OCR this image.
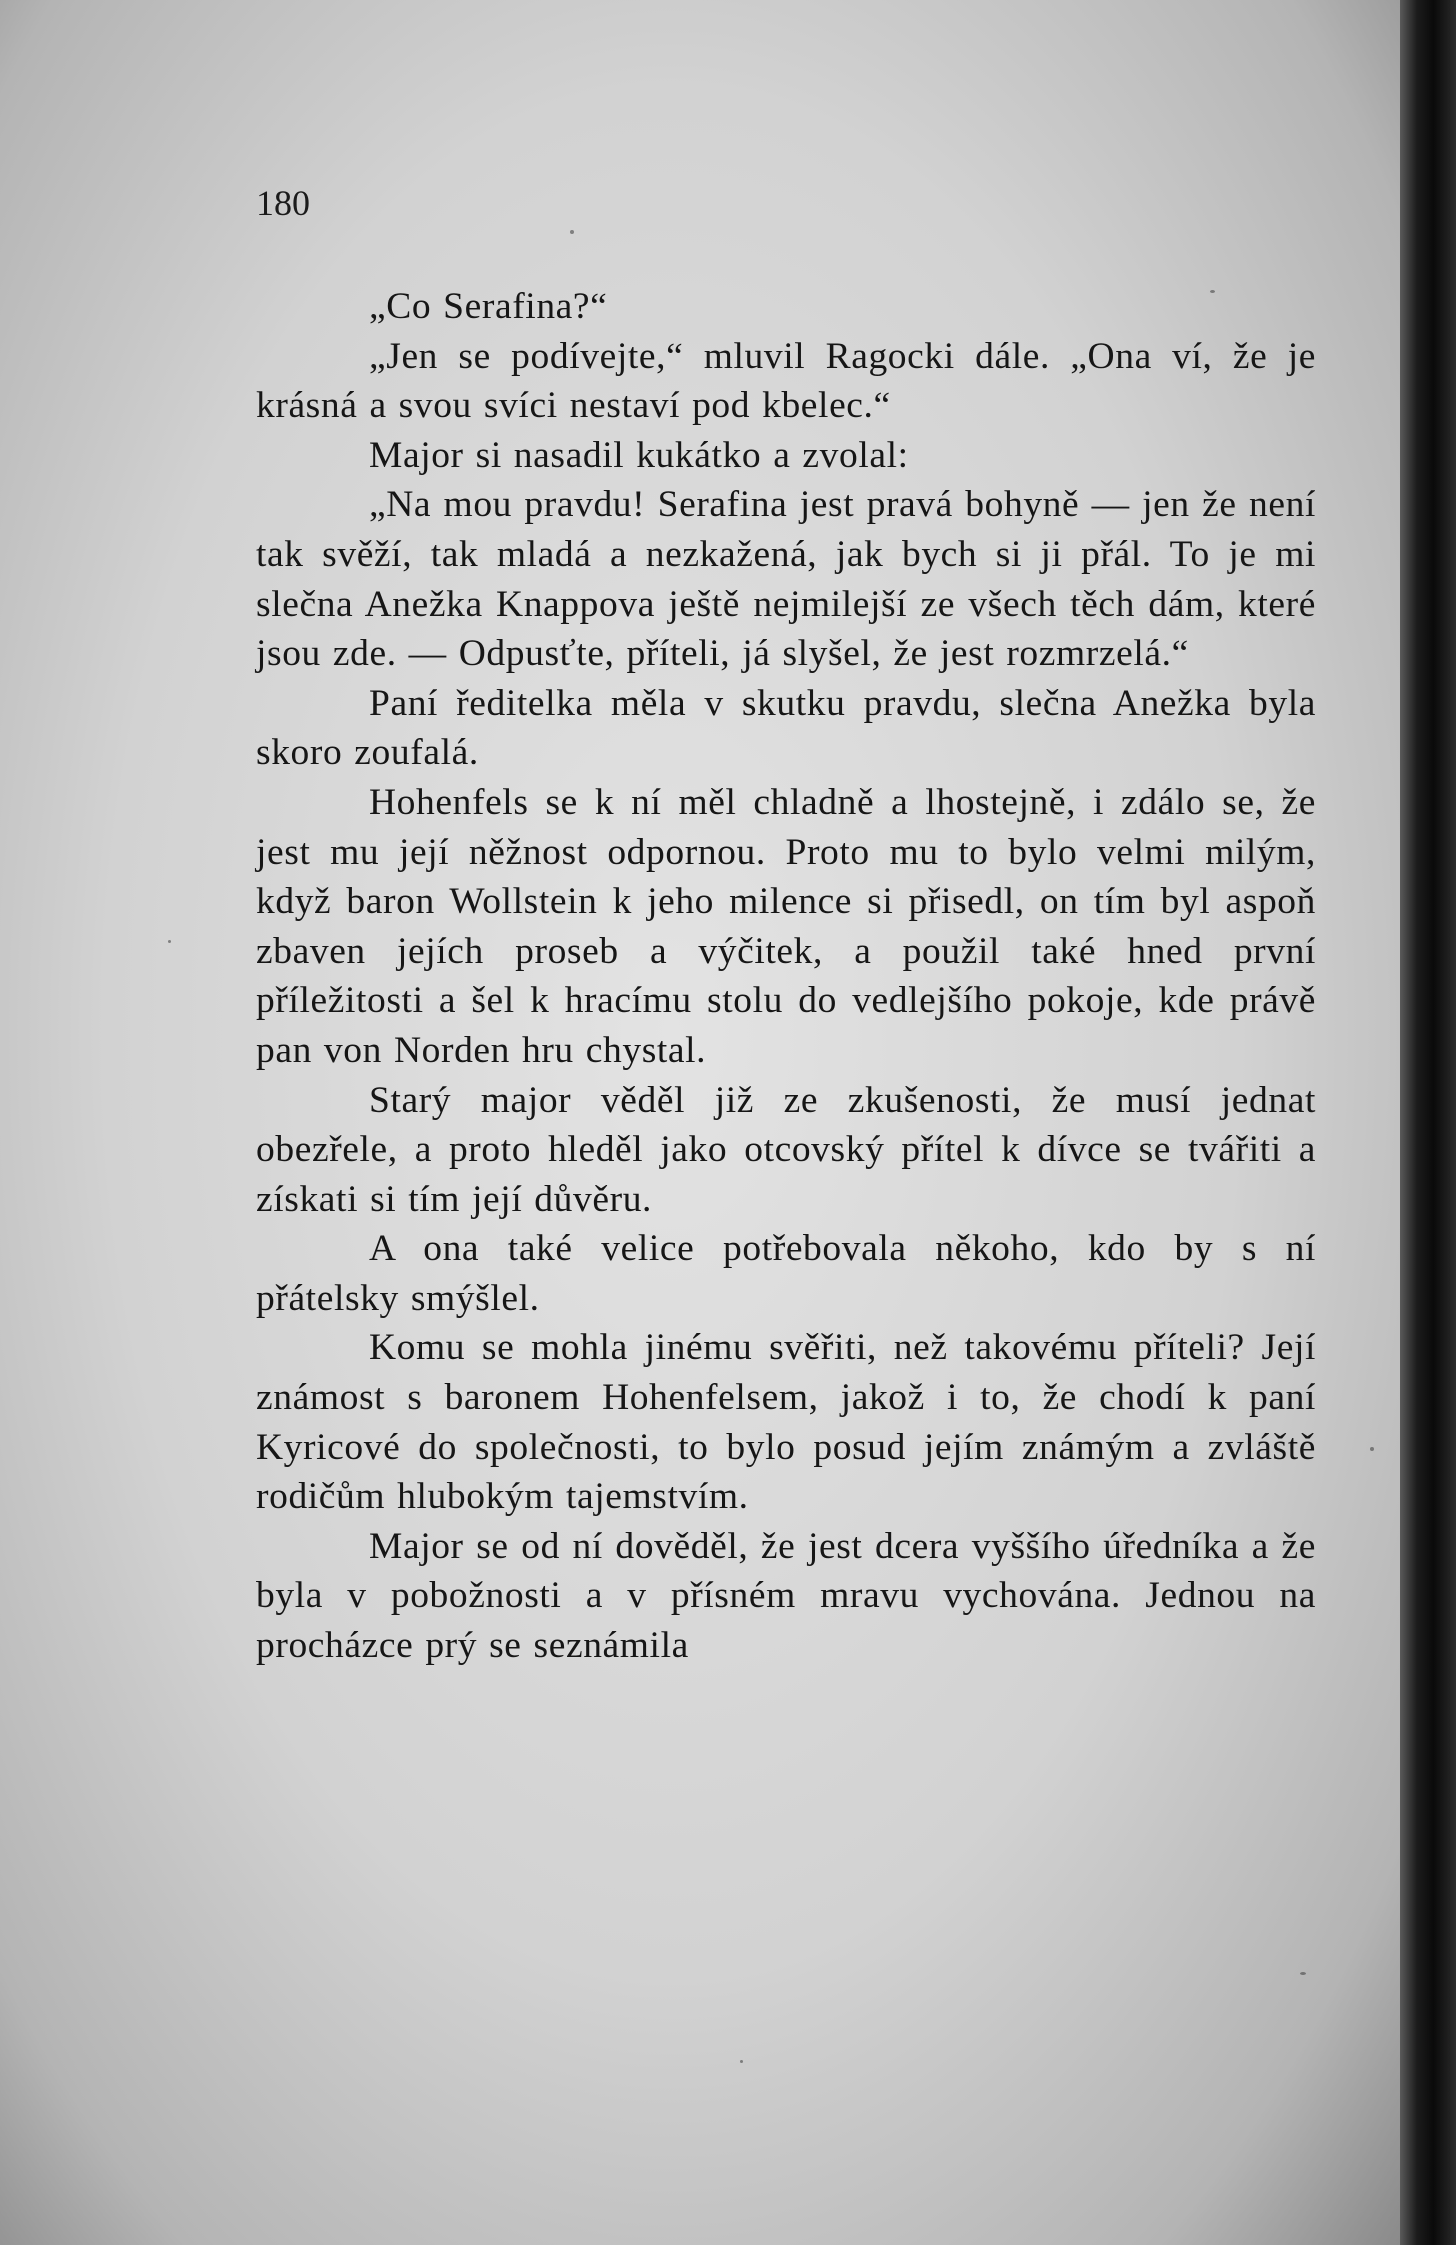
180

„Co Serafina?“

„Jen se podívejte,“ mluvil Ragocki dále. „Ona ví, že je krásná a svou svíci nestaví pod kbelec.“

Major si nasadil kukátko a zvolal:

„Na mou pravdu! Serafina jest pravá bohyně — jen že není tak svěží, tak mladá a nezkažená, jak bych si ji přál. To je mi slečna Anežka Knappova ještě nejmilejší ze všech těch dám, které jsou zde. — Odpusťte, příteli, já slyšel, že jest rozmrzelá.“

Paní ředitelka měla v skutku pravdu, slečna Anežka byla skoro zoufalá.

Hohenfels se k ní měl chladně a lhostejně, i zdálo se, že jest mu její něžnost odpornou. Proto mu to bylo velmi milým, když baron Wollstein k jeho milence si přisedl, on tím byl aspoň zbaven jejích proseb a výčitek, a použil také hned první příležitosti a šel k hracímu stolu do vedlejšího pokoje, kde právě pan von Norden hru chystal.

Starý major věděl již ze zkušenosti, že musí jednat obezřele, a proto hleděl jako otcovský přítel k dívce se tvářiti a získati si tím její důvěru.

A ona také velice potřebovala někoho, kdo by s ní přátelsky smýšlel.

Komu se mohla jinému svěřiti, než takovému příteli? Její známost s baronem Hohenfelsem, jakož i to, že chodí k paní Kyricové do společnosti, to bylo posud jejím známým a zvláště rodičům hlubokým tajemstvím.

Major se od ní dověděl, že jest dcera vyššího úředníka a že byla v pobožnosti a v přísném mravu vychována. Jednou na procházce prý se seznámila
